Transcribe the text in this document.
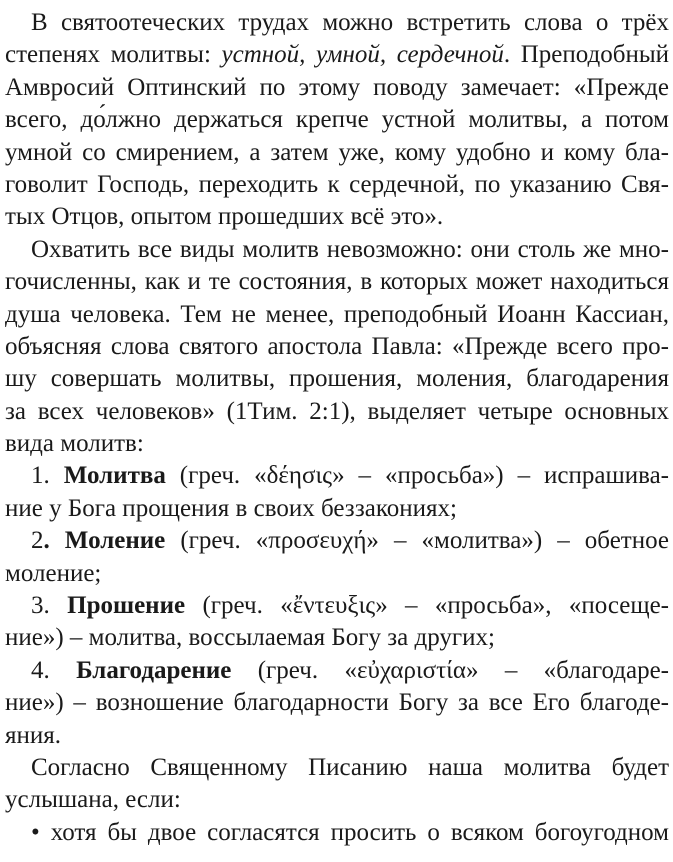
В святоотеческих трудах можно встретить слова о трёх
степенях молитвы: устной, умной, сердечной. Преподобный
Амвросий Оптинский по этому поводу замечает: «Прежде
всего, до́лжно держаться крепче устной молитвы, а потом
умной со смирением, а затем уже, кому удобно и кому бла-
говолит Господь, переходить к сердечной, по указанию Свя-
тых Отцов, опытом прошедших всё это».
Охватить все виды молитв невозможно: они столь же мно-
гочисленны, как и те состояния, в которых может находиться
душа человека. Тем не менее, преподобный Иоанн Кассиан,
объясняя слова святого апостола Павла: «Прежде всего про-
шу совершать молитвы, прошения, моления, благодарения
за всех человеков» (1Тим. 2:1), выделяет четыре основных
вида молитв:
1. Молитва (греч. «δέησις» – «просьба») – испрашива-
ние у Бога прощения в своих беззакониях;
2. Моление (греч. «προσευχή» – «молитва») – обетное
моление;
3. Прошение (греч. «ἔντευξις» – «просьба», «посеще-
ние») – молитва, воссылаемая Богу за других;
4. Благодарение (греч. «εὐχαριστία» – «благодаре-
ние») – возношение благодарности Богу за все Его благоде-
яния.
Согласно Священному Писанию наша молитва будет
услышана, если:
• хотя бы двое согласятся просить о всяком богоугодном
